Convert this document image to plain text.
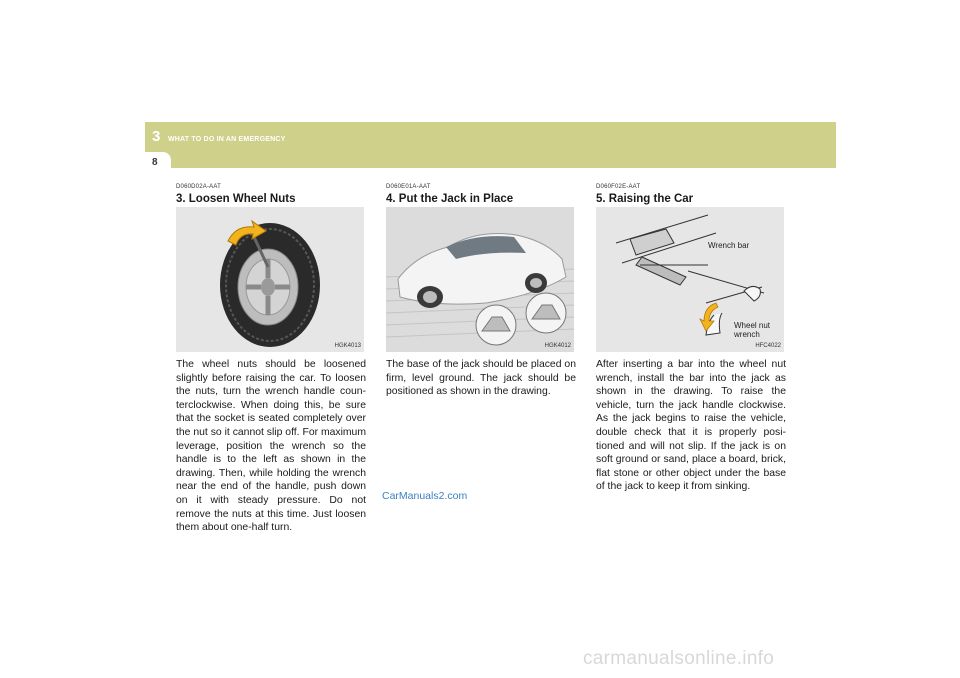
3 WHAT TO DO IN AN EMERGENCY
8
D060D02A-AAT
3. Loosen Wheel Nuts
HGK4013
The wheel nuts should be loosened slightly before raising the car. To loosen the nuts, turn the wrench handle coun-terclockwise. When doing this, be sure that the socket is seated completely over the nut so it cannot slip off. For maximum leverage, position the wrench so the handle is to the left as shown in the drawing. Then, while holding the wrench near the end of the handle, push down on it with steady pressure. Do not remove the nuts at this time. Just loosen them about one-half turn.
D060E01A-AAT
4. Put the Jack in Place
HGK4012
The base of the jack should be placed on firm, level ground. The jack should be positioned as shown in the drawing.
D060F02E-AAT
5. Raising the Car
Wrench bar
Wheel nut wrench
HFC4022
After inserting a bar into the wheel nut wrench, install the bar into the jack as shown in the drawing. To raise the vehicle, turn the jack handle clockwise. As the jack begins to raise the vehicle, double check that it is properly posi-tioned and will not slip. If the jack is on soft ground or sand, place a board, brick, flat stone or other object under the base of the jack to keep it from sinking.
CarManuals2.com
carmanualsonline.info
